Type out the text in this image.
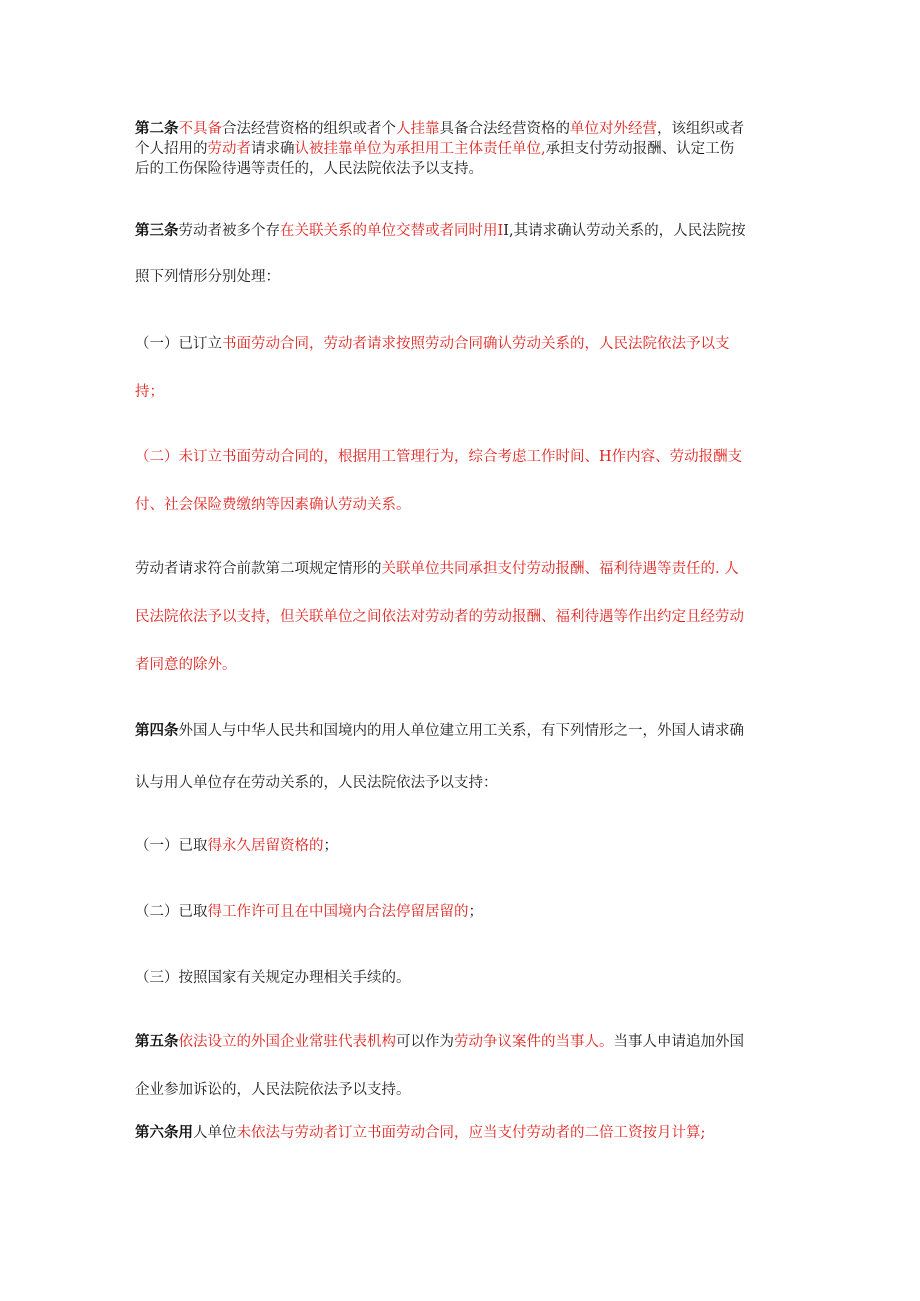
第二条不具备合法经营资格的组织或者个人挂靠具备合法经营资格的单位对外经营，该组织或者
个人招用的劳动者请求确认被挂靠单位为承担用工主体责任单位,承担支付劳动报酬、认定工伤
后的工伤保险待遇等责任的，人民法院依法予以支持。
第三条劳动者被多个存在关联关系的单位交替或者同时用II,其请求确认劳动关系的，人民法院按
照下列情形分别处理：
（一）已订立书面劳动合同，劳动者请求按照劳动合同确认劳动关系的，人民法院依法予以支
持；
（二）未订立书面劳动合同的，根据用工管理行为，综合考虑工作时间、H作内容、劳动报酬支
付、社会保险费缴纳等因素确认劳动关系。
劳动者请求符合前款第二项规定情形的关联单位共同承担支付劳动报酬、福利待遇等责任的. 人
民法院依法予以支持，但关联单位之间依法对劳动者的劳动报酬、福利待遇等作出约定且经劳动
者同意的除外。
第四条外国人与中华人民共和国境内的用人单位建立用工关系，有下列情形之一，外国人请求确
认与用人单位存在劳动关系的，人民法院依法予以支持：
（一）已取得永久居留资格的；
（二）已取得工作许可且在中国境内合法停留居留的；
（三）按照国家有关规定办理相关手续的。
第五条依法设立的外国企业常驻代表机构可以作为劳动争议案件的当事人。当事人申请追加外国
企业参加诉讼的，人民法院依法予以支持。
第六条用人单位未依法与劳动者订立书面劳动合同，应当支付劳动者的二倍工资按月计算;
